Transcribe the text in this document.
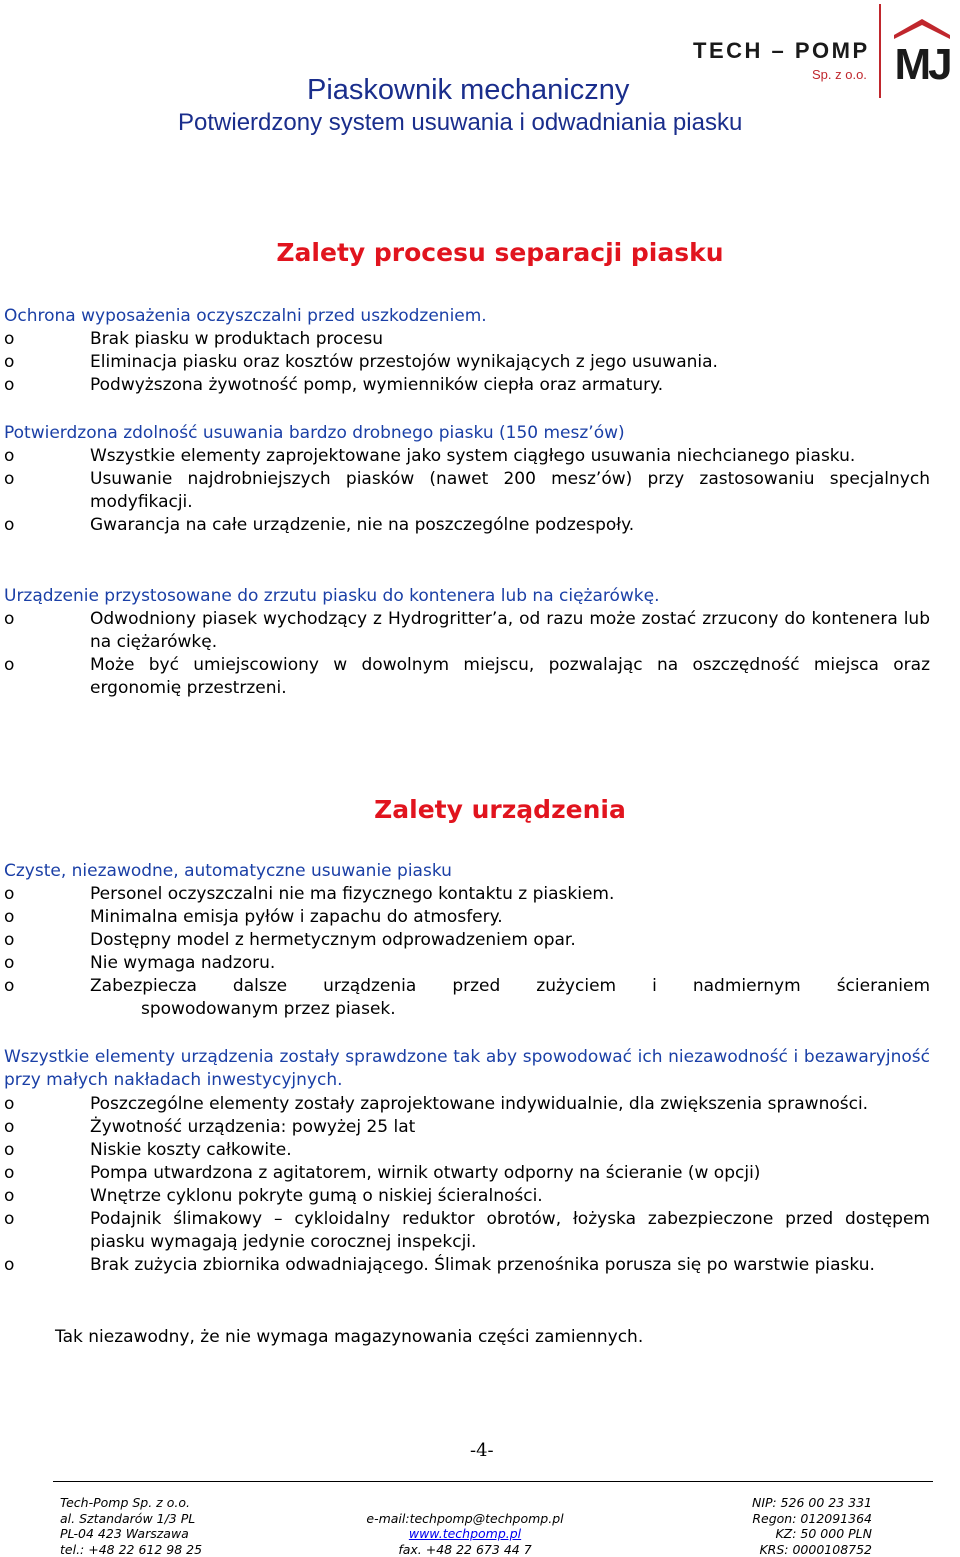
Piaskownik mechaniczny
Potwierdzony system usuwania i odwadniania piasku
TECH – POMP
Sp. z o.o. MJ
Zalety procesu separacji piasku
Ochrona wyposażenia oczyszczalni przed uszkodzeniem.
o	Brak piasku w produktach procesu
o	Eliminacja piasku oraz kosztów przestojów wynikających z jego usuwania.
o	Podwyższona żywotność pomp, wymienników ciepła oraz armatury.
Potwierdzona zdolność usuwania bardzo drobnego piasku (150 mesz’ów)
o	Wszystkie elementy zaprojektowane jako system ciągłego usuwania niechcianego piasku.
o	Usuwanie najdrobniejszych piasków (nawet 200 mesz’ów) przy zastosowaniu specjalnych modyfikacji.
o	Gwarancja na całe urządzenie, nie na poszczególne podzespoły.
Urządzenie przystosowane do zrzutu piasku do kontenera lub na ciężarówkę.
o	Odwodniony piasek wychodzący z Hydrogritter’a, od razu może zostać zrzucony do kontenera lub na ciężarówkę.
o	Może być umiejscowiony w dowolnym miejscu, pozwalając na oszczędność miejsca oraz ergonomię przestrzeni.
Zalety urządzenia
Czyste, niezawodne, automatyczne usuwanie piasku
o	Personel oczyszczalni nie ma fizycznego kontaktu z piaskiem.
o	Minimalna emisja pyłów i zapachu do atmosfery.
o	Dostępny model z hermetycznym odprowadzeniem opar.
o	Nie wymaga nadzoru.
o	Zabezpiecza dalsze urządzenia przed zużyciem i nadmiernym ścieraniem
spowodowanym przez piasek.
Wszystkie elementy urządzenia zostały sprawdzone tak aby spowodować ich niezawodność i bezawaryjność przy małych nakładach inwestycyjnych.
o	Poszczególne elementy zostały zaprojektowane indywidualnie, dla zwiększenia sprawności.
o	Żywotność urządzenia: powyżej 25 lat
o	Niskie koszty całkowite.
o	Pompa utwardzona z agitatorem, wirnik otwarty odporny na ścieranie (w opcji)
o	Wnętrze cyklonu pokryte gumą o niskiej ścieralności.
o	Podajnik ślimakowy – cykloidalny reduktor obrotów, łożyska zabezpieczone przed dostępem piasku wymagają jedynie corocznej inspekcji.
o	Brak zużycia zbiornika odwadniającego. Ślimak przenośnika porusza się po warstwie piasku.
Tak niezawodny, że nie wymaga magazynowania części zamiennych.
-4-
Tech-Pomp Sp. z o.o.
al. Sztandarów 1/3 PL
PL-04 423 Warszawa
tel.: +48 22 612 98 25
e-mail:techpomp@techpomp.pl
www.techpomp.pl
fax. +48 22 673 44 7
NIP: 526 00 23 331
Regon: 012091364
KZ: 50 000 PLN
KRS: 0000108752
